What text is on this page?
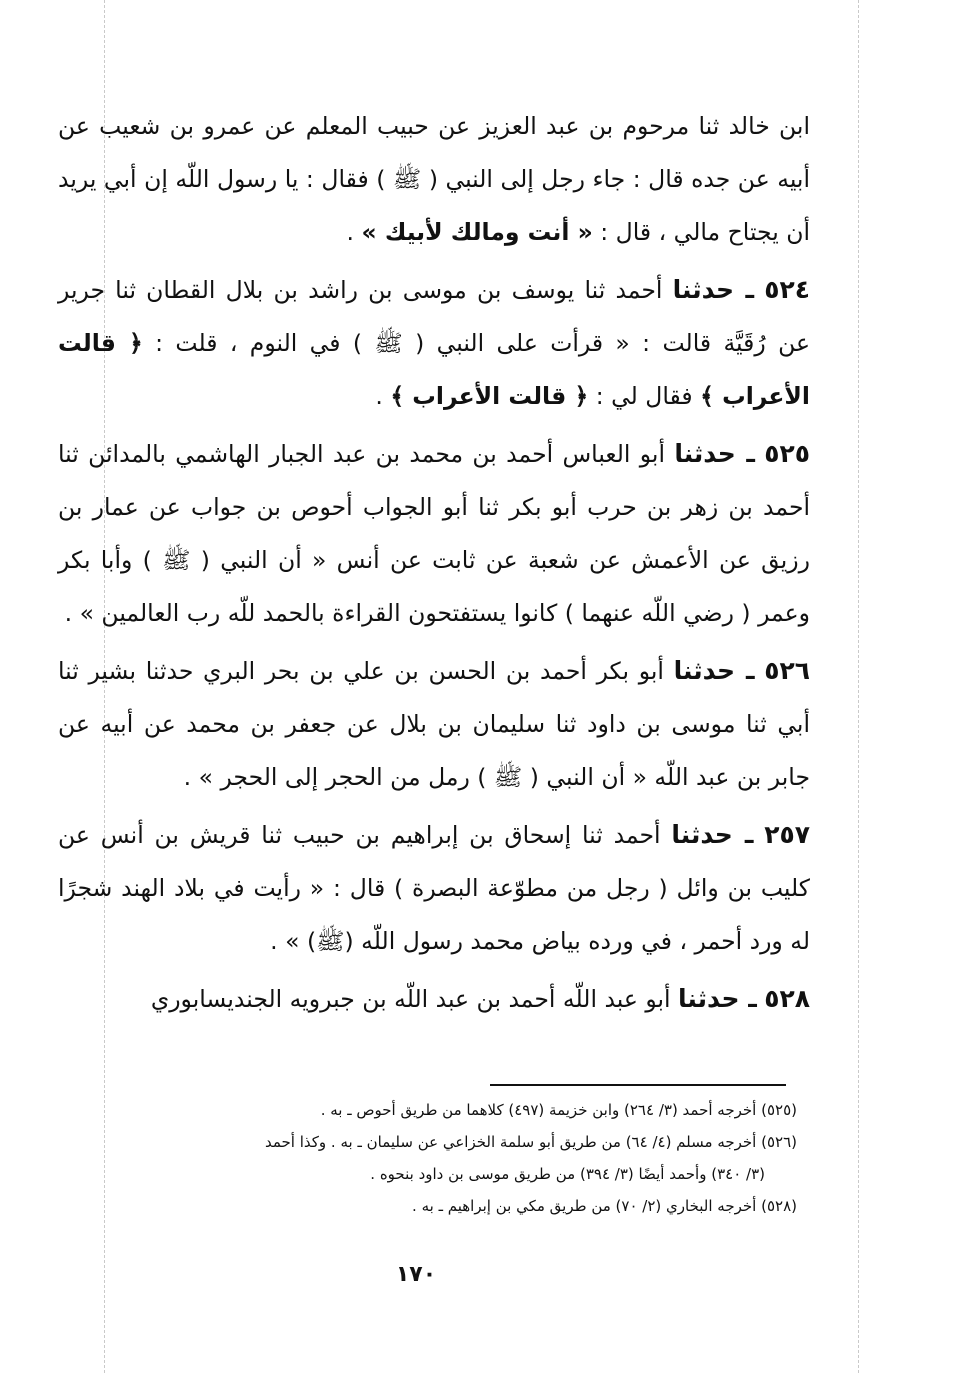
ابن خالد ثنا مرحوم بن عبد العزيز عن حبيب المعلم عن عمرو بن شعيب عن أبيه عن جده قال : جاء رجل إلى النبي ( ﷺ ) فقال : يا رسول اللّه إن أبي يريد أن يجتاح مالي ، قال : « أنت ومالك لأبيك » .

٥٢٤ ـ حدثنا أحمد ثنا يوسف بن موسى بن راشد بن بلال القطان ثنا جرير عن رُقَيَّة قالت : « قرأت على النبي ( ﷺ ) في النوم ، قلت : ﴿ قالت الأعراب ﴾ فقال لي : ﴿ قالت الأعراب ﴾ .

٥٢٥ ـ حدثنا أبو العباس أحمد بن محمد بن عبد الجبار الهاشمي بالمدائن ثنا أحمد بن زهر بن حرب أبو بكر ثنا أبو الجواب أحوص بن جواب عن عمار بن رزيق عن الأعمش عن شعبة عن ثابت عن أنس « أن النبي ( ﷺ ) وأبا بكر وعمر ( رضي اللّه عنهما ) كانوا يستفتحون القراءة بالحمد للّه رب العالمين » .

٥٢٦ ـ حدثنا أبو بكر أحمد بن الحسن بن علي بن بحر البري حدثنا بشير ثنا أبي ثنا موسى بن داود ثنا سليمان بن بلال عن جعفر بن محمد عن أبيه عن جابر بن عبد اللّه « أن النبي ( ﷺ ) رمل من الحجر إلى الحجر » .

٢٥٧ ـ حدثنا أحمد ثنا إسحاق بن إبراهيم بن حبيب ثنا قريش بن أنس عن كليب بن وائل ( رجل من مطوّعة البصرة ) قال : « رأيت في بلاد الهند شجرًا له ورد أحمر ، في ورده بياض محمد رسول اللّه (ﷺ) » .

٥٢٨ ـ حدثنا أبو عبد اللّه أحمد بن عبد اللّه بن جبرويه الجنديسابوري

(٥٢٥) أخرجه أحمد (٣/ ٢٦٤) وابن خزيمة (٤٩٧) كلاهما من طريق أحوص ـ به .

(٥٢٦) أخرجه مسلم (٤/ ٦٤) من طريق أبو سلمة الخزاعي عن سليمان ـ به . وكذا أحمد

(٣/ ٣٤٠) وأحمد أيضًا (٣/ ٣٩٤) من طريق موسى بن داود بنحوه .

(٥٢٨) أخرجه البخاري (٢/ ٧٠) من طريق مكي بن إبراهيم ـ به .

١٧٠
